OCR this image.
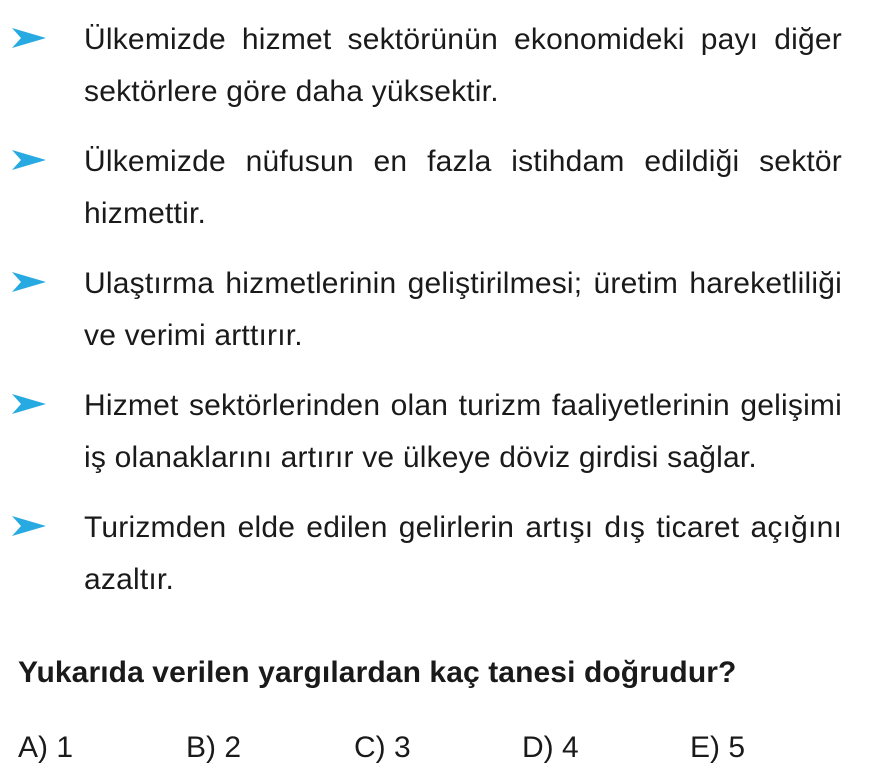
Ülkemizde hizmet sektörünün ekonomideki payı diğer sektörlere göre daha yüksektir.
Ülkemizde nüfusun en fazla istihdam edildiği sektör hizmettir.
Ulaştırma hizmetlerinin geliştirilmesi; üretim hareketliliği ve verimi arttırır.
Hizmet sektörlerinden olan turizm faaliyetlerinin gelişimi iş olanaklarını artırır ve ülkeye döviz girdisi sağlar.
Turizmden elde edilen gelirlerin artışı dış ticaret açığını azaltır.
Yukarıda verilen yargılardan kaç tanesi doğrudur?
A) 1	B) 2	C) 3	D) 4	E) 5
